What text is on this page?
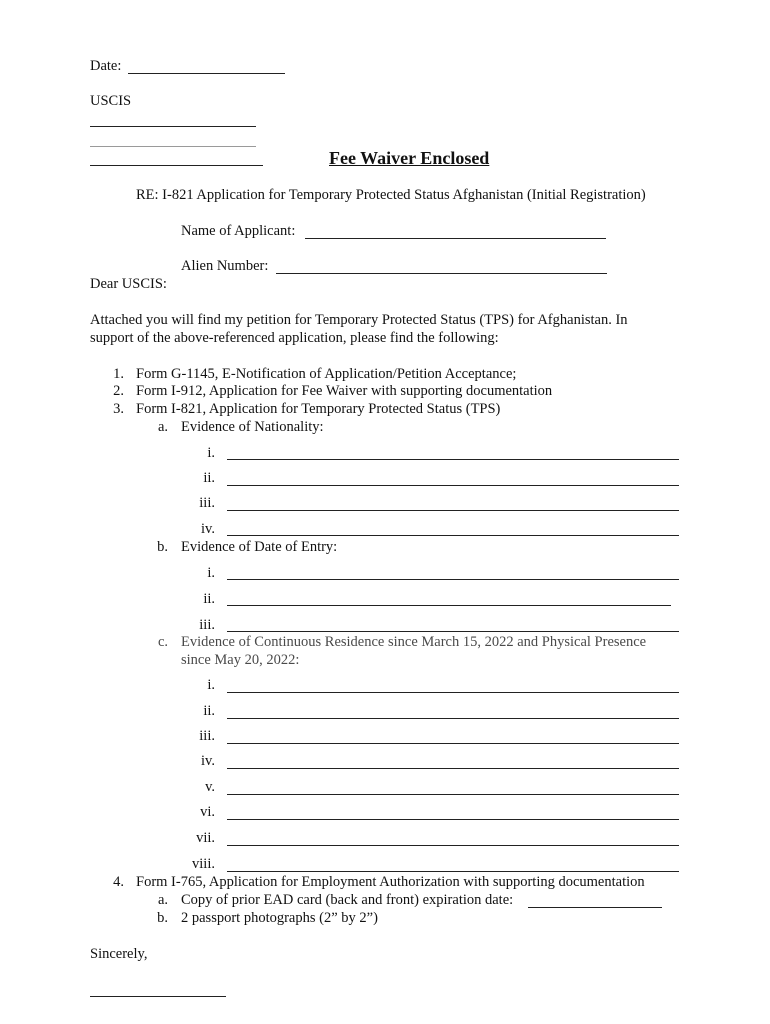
Date:
USCIS
Fee Waiver Enclosed
RE: I-821 Application for Temporary Protected Status Afghanistan (Initial Registration)
Name of Applicant:
Alien Number:
Dear USCIS:
Attached you will find my petition for Temporary Protected Status (TPS) for Afghanistan. In
support of the above-referenced application, please find the following:
1. Form G-1145, E-Notification of Application/Petition Acceptance;
2. Form I-912, Application for Fee Waiver with supporting documentation
3. Form I-821, Application for Temporary Protected Status (TPS)
a. Evidence of Nationality:
i.
ii.
iii.
iv.
b. Evidence of Date of Entry:
i.
ii.
iii.
c. Evidence of Continuous Residence since March 15, 2022 and Physical Presence
since May 20, 2022:
i.
ii.
iii.
iv.
v.
vi.
vii.
viii.
4. Form I-765, Application for Employment Authorization with supporting documentation
a. Copy of prior EAD card (back and front) expiration date:
b. 2 passport photographs (2” by 2”)
Sincerely,
